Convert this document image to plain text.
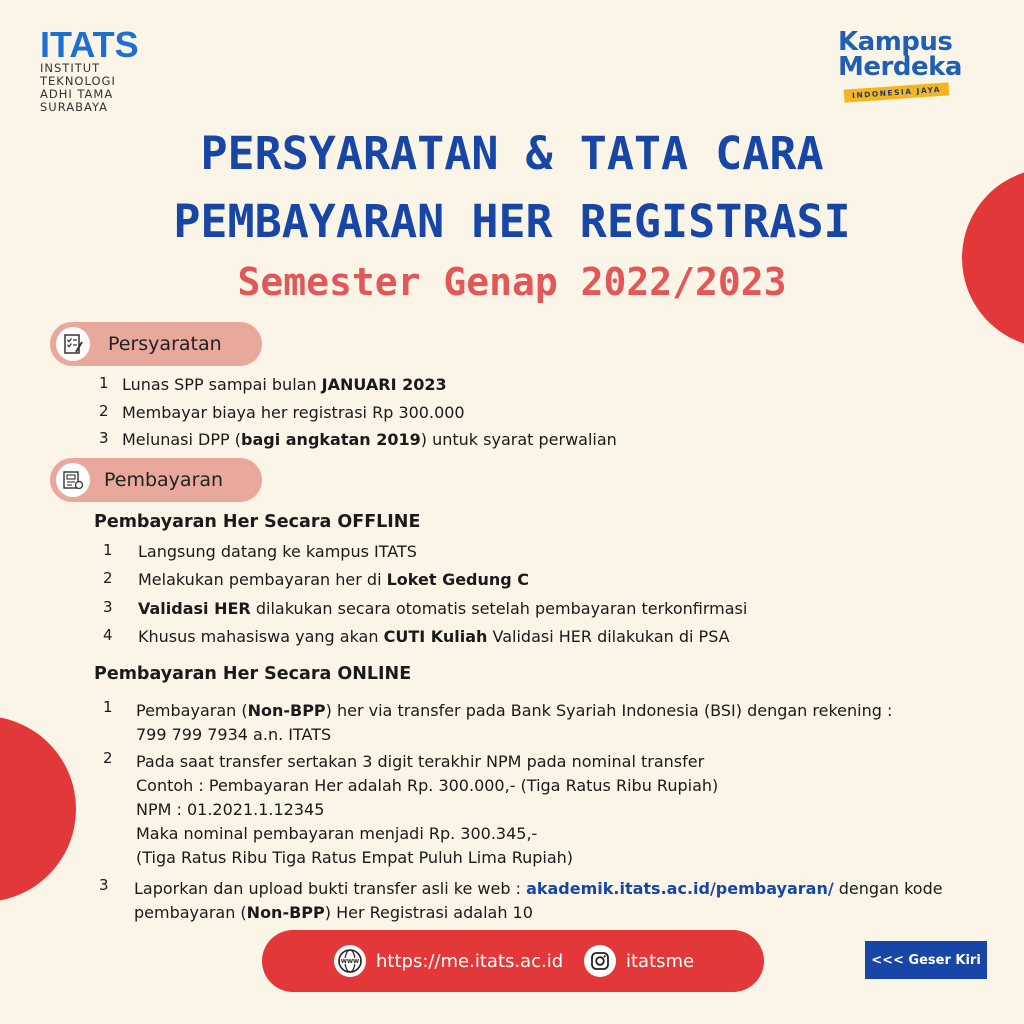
ITATS
INSTITUT
TEKNOLOGI
ADHI TAMA
SURABAYA
Kampus
Merdeka
INDONESIA JAYA
PERSYARATAN & TATA CARA
PEMBAYARAN HER REGISTRASI
Semester Genap 2022/2023
Persyaratan
1 Lunas SPP sampai bulan JANUARI 2023
2 Membayar biaya her registrasi Rp 300.000
3 Melunasi DPP (bagi angkatan 2019) untuk syarat perwalian
Pembayaran
Pembayaran Her Secara OFFLINE
1 Langsung datang ke kampus ITATS
2 Melakukan pembayaran her di Loket Gedung C
3 Validasi HER dilakukan secara otomatis setelah pembayaran terkonfirmasi
4 Khusus mahasiswa yang akan CUTI Kuliah Validasi HER dilakukan di PSA
Pembayaran Her Secara ONLINE
1 Pembayaran (Non-BPP) her via transfer pada Bank Syariah Indonesia (BSI) dengan rekening :
799 799 7934 a.n. ITATS
2 Pada saat transfer sertakan 3 digit terakhir NPM pada nominal transfer
Contoh : Pembayaran Her adalah Rp. 300.000,- (Tiga Ratus Ribu Rupiah)
NPM : 01.2021.1.12345
Maka nominal pembayaran menjadi Rp. 300.345,-
(Tiga Ratus Ribu Tiga Ratus Empat Puluh Lima Rupiah)
3 Laporkan dan upload bukti transfer asli ke web : akademik.itats.ac.id/pembayaran/ dengan kode
pembayaran (Non-BPP) Her Registrasi adalah 10
WWW https://me.itats.ac.id	itatsme	<<< Geser Kiri
